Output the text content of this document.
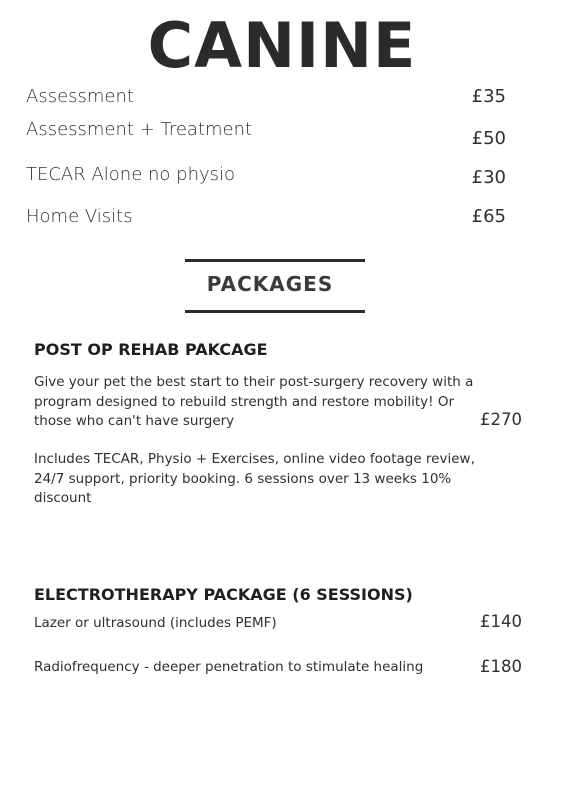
CANINE
Assessment	£35
Assessment + Treatment	£50
TECAR Alone no physio	£30
Home Visits	£65
PACKAGES
POST OP REHAB PAKCAGE
Give your pet the best start to their post-surgery recovery with a program designed to rebuild strength and restore mobility! Or those who can't have surgery	£270
Includes TECAR, Physio + Exercises, online video footage review, 24/7 support, priority booking. 6 sessions over 13 weeks 10% discount
ELECTROTHERAPY PACKAGE (6 SESSIONS)
Lazer or ultrasound (includes PEMF)	£140
Radiofrequency - deeper penetration to stimulate healing	£180
